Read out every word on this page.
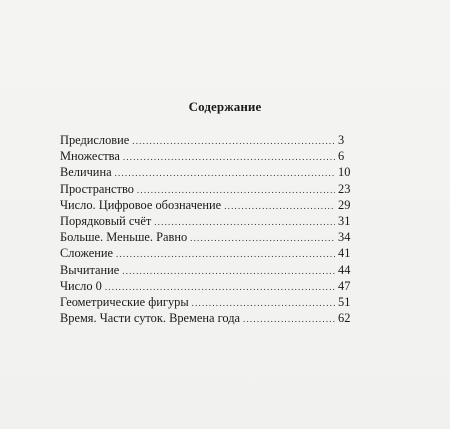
Содержание
Предисловие .....	3
Множества .....	6
Величина .....	10
Пространство .....	23
Число. Цифровое обозначение .....	29
Порядковый счёт .....	31
Больше. Меньше. Равно .....	34
Сложение .....	41
Вычитание .....	44
Число 0 .....	47
Геометрические фигуры .....	51
Время. Части суток. Времена года .....	62
